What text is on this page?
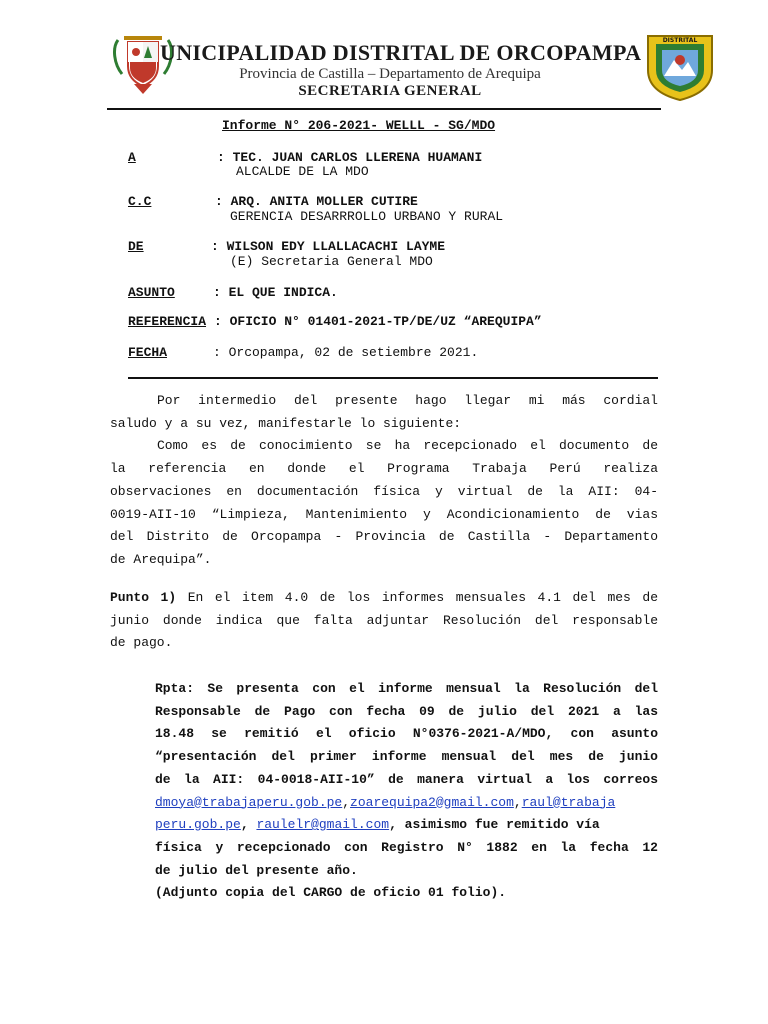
UNICIPALIDAD DISTRITAL DE ORCOPAMPA
Provincia de Castilla – Departamento de Arequipa
SECRETARIA GENERAL
DISTRITAL
Informe N° 206-2021- WELLL - SG/MDO
A	: TEC. JUAN CARLOS LLERENA HUAMANI
ALCALDE DE LA MDO
C.C	: ARQ. ANITA MOLLER CUTIRE
GERENCIA DESARRROLLO URBANO Y RURAL
DE	: WILSON EDY LLALLACACHI LAYME
(E) Secretaria General MDO
ASUNTO	: EL QUE INDICA.
REFERENCIA : OFICIO N° 01401-2021-TP/DE/UZ “AREQUIPA”
FECHA	: Orcopampa, 02 de setiembre 2021.
Por intermedio del presente hago llegar mi más cordial
saludo y a su vez, manifestarle lo siguiente:
Como es de conocimiento se ha recepcionado el documento de
la referencia en donde el Programa Trabaja Perú realiza
observaciones en documentación física y virtual de la AII: 04-
0019-AII-10 “Limpieza, Mantenimiento y Acondicionamiento de vias
del Distrito de Orcopampa - Provincia de Castilla - Departamento
de Arequipa”.
Punto 1) En el item 4.0 de los informes mensuales 4.1 del mes de
junio donde indica que falta adjuntar Resolución del responsable
de pago.
Rpta: Se presenta con el informe mensual la Resolución del
Responsable de Pago con fecha 09 de julio del 2021 a las
18.48 se remitió el oficio N°0376-2021-A/MDO, con asunto
“presentación del primer informe mensual del mes de junio
de la AII: 04-0018-AII-10” de manera virtual a los correos
dmoya@trabajaperu.gob.pe,zoarequipa2@gmail.com,raul@trabaja
peru.gob.pe, raulelr@gmail.com, asimismo fue remitido vía
física y recepcionado con Registro N° 1882 en la fecha 12
de julio del presente año.
(Adjunto copia del CARGO de oficio 01 folio).
